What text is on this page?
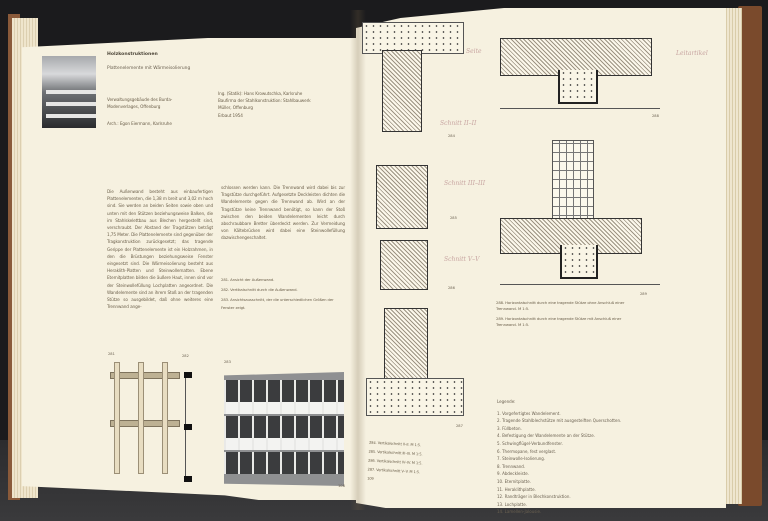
Holzkonstruktionen
Plattenelemente mit Wärmeisolierung
Verwaltungsgebäude des Burda-Modenverlages, Offenburg
Arch.: Egon Eiermann, Karlsruhe
Ing. (Statik): Hans Krowutschka, Karlsruhe
Baufirma der Stahlkonstruktion: Stahlbauwerk
Müller, Offenburg
Erbaut 1954
Die Außenwand besteht aus einbaufertigen Plattenelementen, die 1,38 m breit und 3,02 m hoch sind. Sie werden an beiden Seiten sowie oben und unten mit den Stützen beziehungsweise Balken, die im Stahlskelettbau aus Blechen hergestellt sind, verschraubt. Der Abstand der Tragstützen beträgt 1,75 Meter. Die Plattenelemente sind gegenüber der Tragkonstruktion zurückgesetzt; das tragende Gerippe der Plattenelemente ist ein Holzrahmen, in den die Brüstungen beziehungsweise Fenster eingesetzt sind. Die Wärmeisolierung besteht aus Heraklith-Platten und Steinwollematten. Ebene Eternitplatten bilden die äußere Haut, innen sind vor der Steinwollefüllung Lochplatten angeordnet. Die Wandelemente sind an ihrem Stoß an der tragenden Stütze so ausgebildet, daß ohne weiteres eine Trennwand ange-
schlossen werden kann. Die Trennwand wird dabei bis zur Tragstütze durchgeführt. Aufgesetzte Deckleisten dichten die Wandelemente gegen die Trennwand ab. Wird an der Tragstütze keine Trennwand benötigt, so kann der Stoß zwischen den beiden Wandelementen leicht durch abschraubbare Bretter überdeckt werden. Zur Vermeidung von Kältebrücken wird dabei eine Steinwollefüllung dazwischengeschaltet.
281. Ansicht der Außenwand.
282. Vertikalschnitt durch die Außenwand.
283. Ansichtsausschnitt, der die unterschiedlichen Größen der Fenster zeigt.
281	282
283
108
284
285
286
287
284. Vertikalschnitt II–II. M 1:5.
285. Vertikalschnitt III–III. M 1:5.
286. Vertikalschnitt IV–IV. M 1:5.
287. Vertikalschnitt V–V. M 1:5.
109
288
289
288. Horizontalschnitt durch eine tragende Stütze ohne Anschluß einer Trennwand. M 1:5.
289. Horizontalschnitt durch eine tragende Stütze mit Anschluß einer Trennwand. M 1:5.
Legende:
1. Vorgefertigtes Wandelement.
2. Tragende Stahlblechstütze mit ausgesteiften Querschotten.
3. Füllbeton.
4. Befestigung der Wandelemente an der Stütze.
5. Schwingflügel-Verbundfenster.
6. Thermopane, fest verglast.
7. Steinwolle-Isolierung.
8. Trennwand.
9. Abdeckleiste.
10. Eternitplatte.
11. Heraklithplatte.
12. Randträger in Blechkonstruktion.
13. Lochplatte.
14. Lamellen-Jalousie.
Schnitt II–II
Schnitt III–III
Schnitt V–V
Seite	Leitartikel
